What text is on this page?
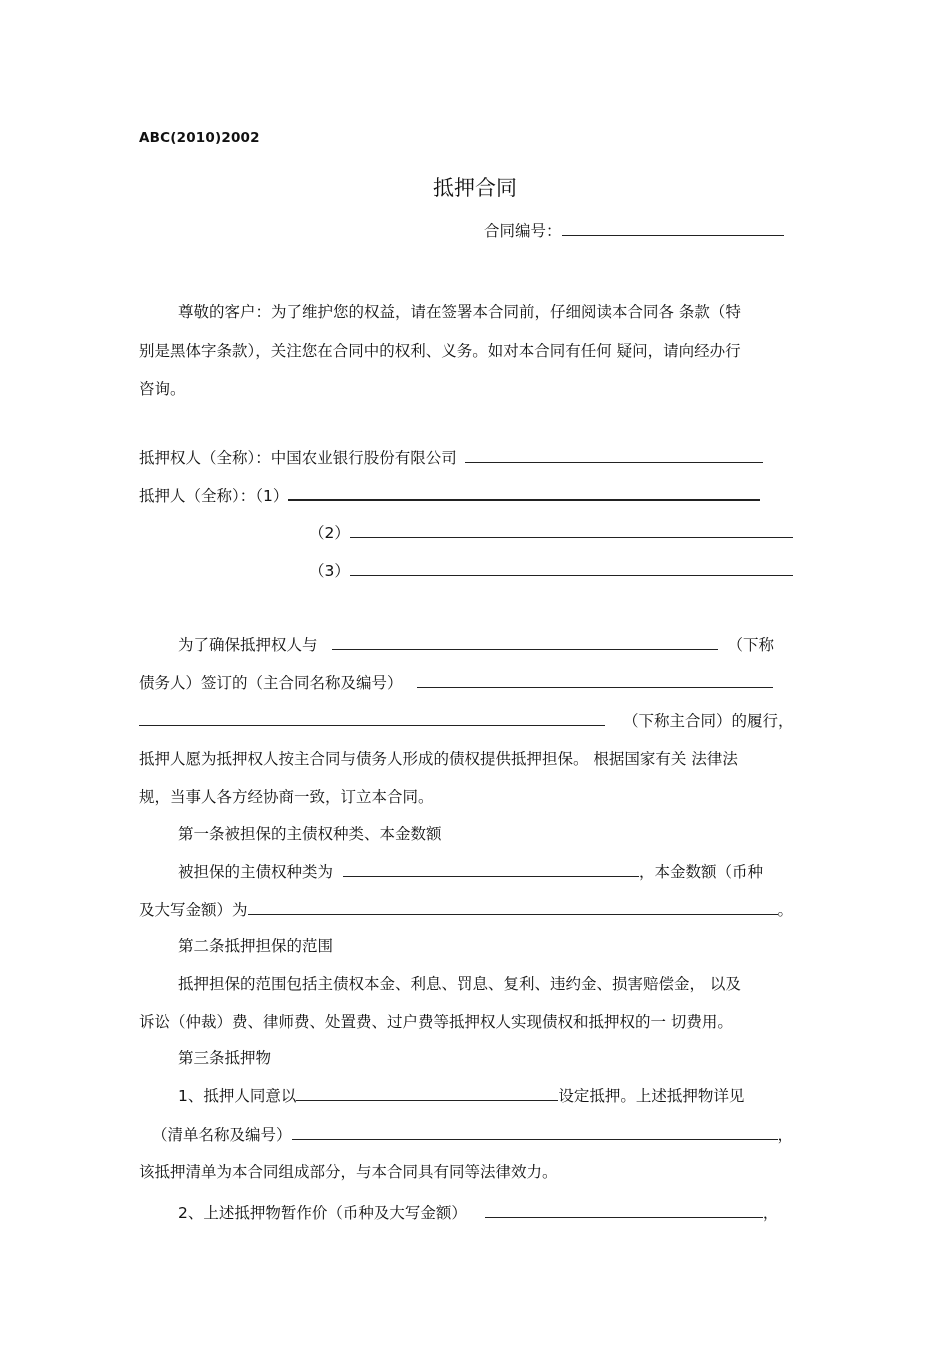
ABC(2010)2002
抵押合同
合同编号：
尊敬的客户：为了维护您的权益，请在签署本合同前，仔细阅读本合同各 条款（特
别是黑体字条款），关注您在合同中的权利、义务。如对本合同有任何 疑问，请向经办行
咨询。
抵押权人（全称）：中国农业银行股份有限公司
抵押人（全称）：（1）
（2）
（3）
为了确保抵押权人与	（下称
债务人）签订的（主合同名称及编号）
（下称主合同）的履行，
抵押人愿为抵押权人按主合同与债务人形成的债权提供抵押担保。 根据国家有关 法律法
规，当事人各方经协商一致，订立本合同。
第一条被担保的主债权种类、本金数额
被担保的主债权种类为	，本金数额（币种
及大写金额）为	。
第二条抵押担保的范围
抵押担保的范围包括主债权本金、利息、罚息、复利、违约金、损害赔偿金， 以及
诉讼（仲裁）费、律师费、处置费、过户费等抵押权人实现债权和抵押权的一 切费用。
第三条抵押物
1、抵押人同意以	设定抵押。上述抵押物详见
（清单名称及编号）	，
该抵押清单为本合同组成部分，与本合同具有同等法律效力。
2、上述抵押物暂作价（币种及大写金额）	，
